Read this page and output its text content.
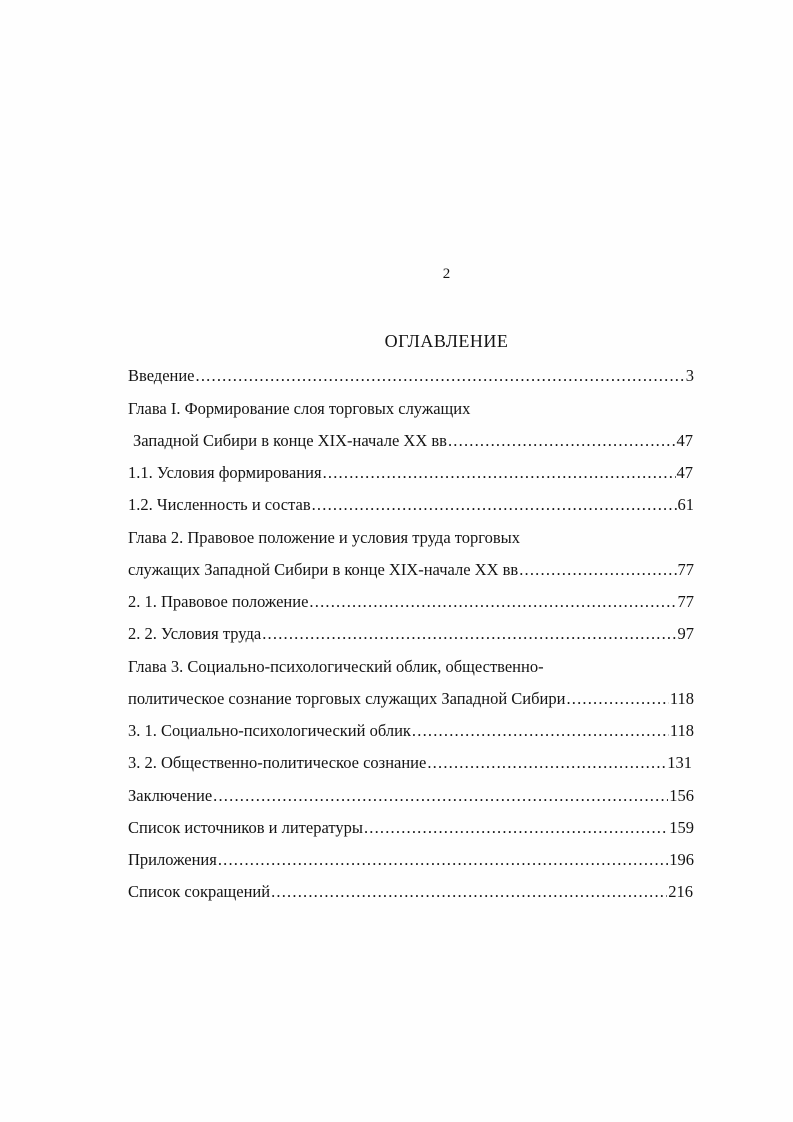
2
ОГЛАВЛЕНИЕ
Введение .....	3
Глава I. Формирование слоя торговых служащих
Западной Сибири в конце XIX-начале XX вв .....	47
1.1. Условия формирования .....	47
1.2. Численность и состав .....	61
Глава 2. Правовое положение и условия труда торговых
служащих Западной Сибири в конце XIX-начале XX вв .....	77
2. 1. Правовое положение .....	77
2. 2. Условия труда .....	97
Глава 3. Социально-психологический облик, общественно-
политическое сознание торговых служащих Западной Сибири .....	118
3. 1. Социально-психологический облик .....	118
3. 2. Общественно-политическое сознание .....	131
Заключение .....	156
Список источников и литературы .....	159
Приложения .....	196
Список сокращений .....	216
